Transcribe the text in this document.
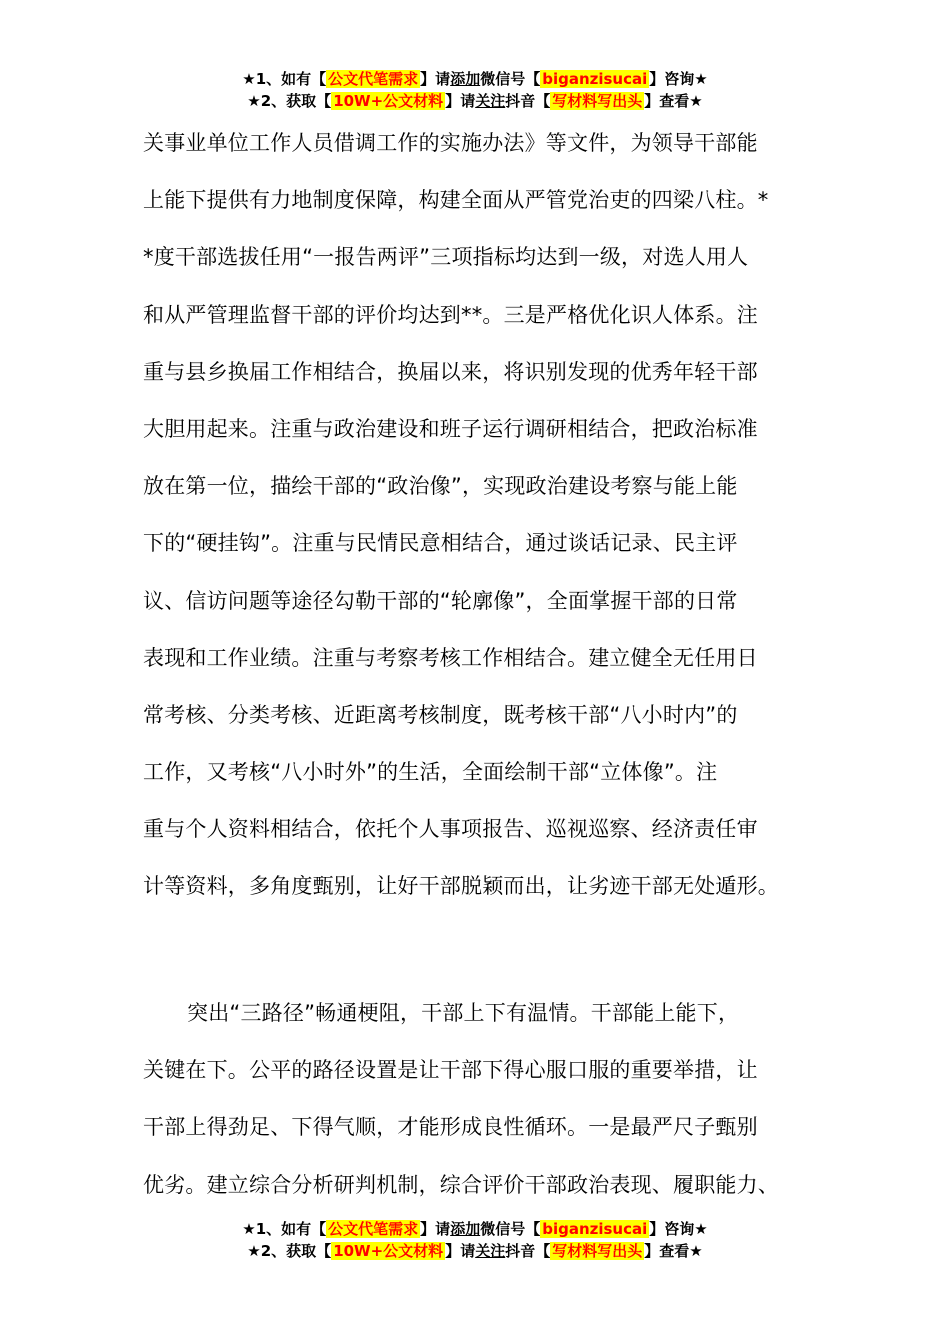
★1、如有【 公文代笔需求 】请添加微信号【 biganzisucai 】咨询★
★2、获取【 10W+公文材料 】请关注抖音【 写材料写出头 】查看★
关事业单位工作人员借调工作的实施办法》等文件，为领导干部能
上能下提供有力地制度保障，构建全面从严管党治吏的四梁八柱。*
*度干部选拔任用“一报告两评”三项指标均达到一级，对选人用人
和从严管理监督干部的评价均达到**。三是严格优化识人体系。注
重与县乡换届工作相结合，换届以来，将识别发现的优秀年轻干部
大胆用起来。注重与政治建设和班子运行调研相结合，把政治标准
放在第一位，描绘干部的“政治像”，实现政治建设考察与能上能
下的“硬挂钩”。注重与民情民意相结合，通过谈话记录、民主评
议、信访问题等途径勾勒干部的“轮廓像”，全面掌握干部的日常
表现和工作业绩。注重与考察考核工作相结合。建立健全无任用日
常考核、分类考核、近距离考核制度，既考核干部“八小时内”的
工作，又考核“八小时外”的生活，全面绘制干部“立体像”。注
重与个人资料相结合，依托个人事项报告、巡视巡察、经济责任审
计等资料，多角度甄别，让好干部脱颖而出，让劣迹干部无处遁形。
突出“三路径”畅通梗阻，干部上下有温情。干部能上能下，
关键在下。公平的路径设置是让干部下得心服口服的重要举措，让
干部上得劲足、下得气顺，才能形成良性循环。一是最严尺子甄别
优劣。建立综合分析研判机制，综合评价干部政治表现、履职能力、
★1、如有【 公文代笔需求 】请添加微信号【 biganzisucai 】咨询★
★2、获取【 10W+公文材料 】请关注抖音【 写材料写出头 】查看★
